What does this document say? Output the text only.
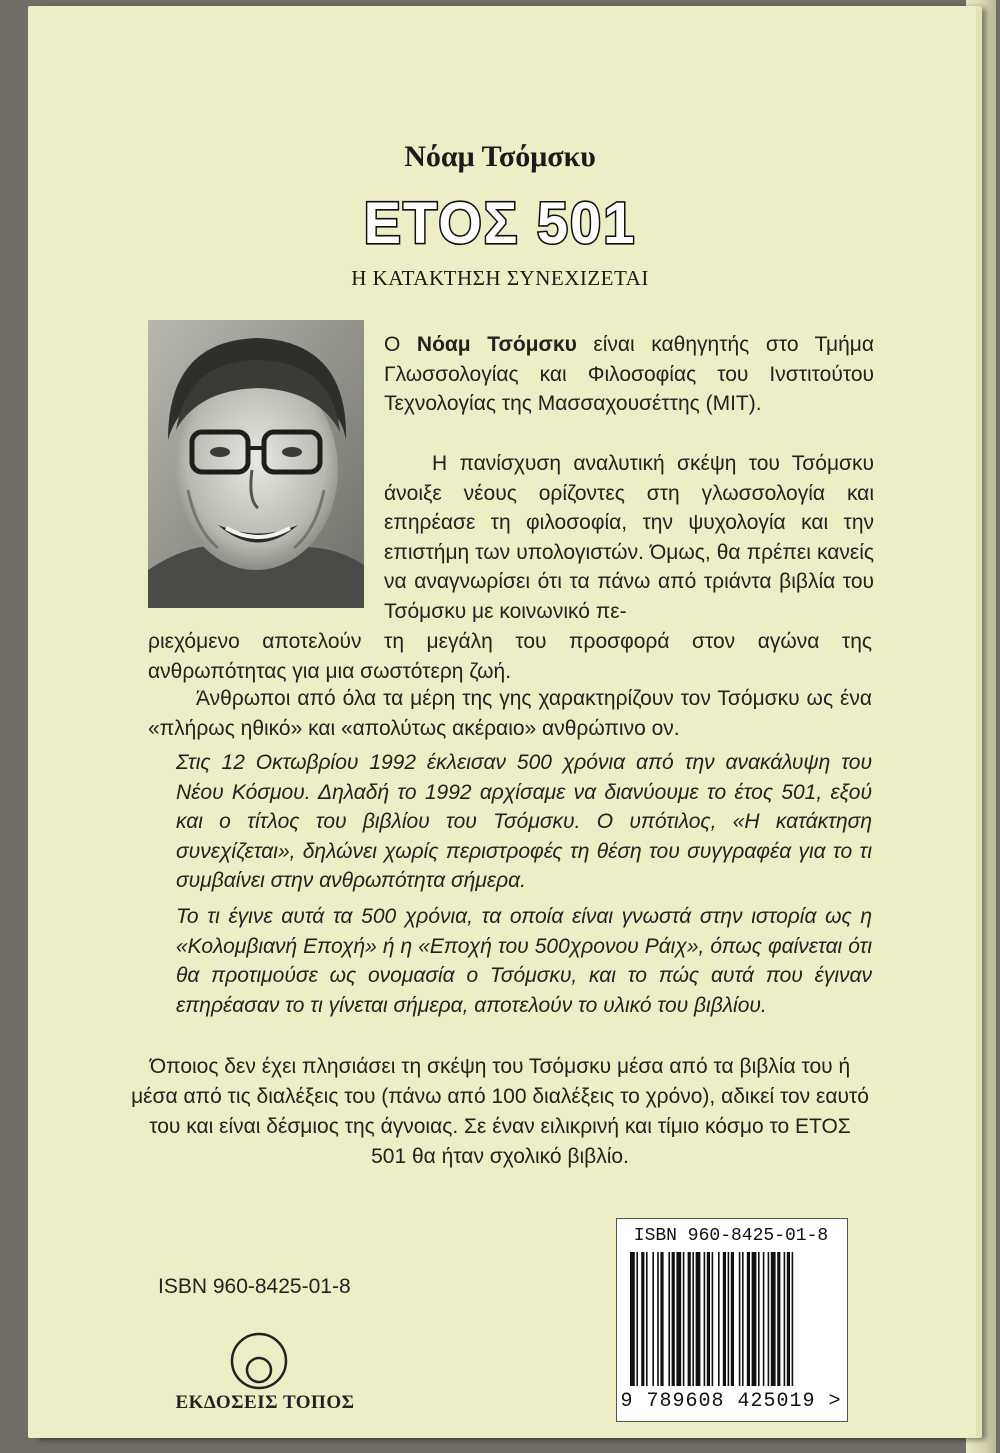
Νόαμ Τσόμσκυ
ΕΤΟΣ 501
Η ΚΑΤΑΚΤΗΣΗ ΣΥΝΕΧΙΖΕΤΑΙ
Ο Νόαμ Τσόμσκυ είναι καθηγητής στο Τμήμα Γλωσσολογίας και Φιλοσοφίας του Ινστιτούτου Τεχνολογίας της Μασσαχουσέττης (ΜΙΤ).
Η πανίσχυση αναλυτική σκέψη του Τσόμσκυ άνοιξε νέους ορίζοντες στη γλωσσολογία και επηρέασε τη φιλοσοφία, την ψυχολογία και την επιστήμη των υπολογιστών. Όμως, θα πρέπει κανείς να αναγνωρίσει ότι τα πάνω από τριάντα βιβλία του Τσόμσκυ με κοινωνικό πε-
ριεχόμενο αποτελούν τη μεγάλη του προσφορά στον αγώνα της ανθρωπότητας για μια σωστότερη ζωή.
Άνθρωποι από όλα τα μέρη της γης χαρακτηρίζουν τον Τσόμσκυ ως ένα «πλήρως ηθικό» και «απολύτως ακέραιο» ανθρώπινο ον.
Στις 12 Οκτωβρίου 1992 έκλεισαν 500 χρόνια από την ανακάλυψη του Νέου Κόσμου. Δηλαδή το 1992 αρχίσαμε να διανύουμε το έτος 501, εξού και ο τίτλος του βιβλίου του Τσόμσκυ. Ο υπότιλος, «Η κατάκτηση συνεχίζεται», δηλώνει χωρίς περιστροφές τη θέση του συγγραφέα για το τι συμβαίνει στην ανθρωπότητα σήμερα.
Το τι έγινε αυτά τα 500 χρόνια, τα οποία είναι γνωστά στην ιστορία ως η «Κολομβιανή Εποχή» ή η «Εποχή του 500χρονου Ράιχ», όπως φαίνεται ότι θα προτιμούσε ως ονομασία ο Τσόμσκυ, και το πώς αυτά που έγιναν επηρέασαν το τι γίνεται σήμερα, αποτελούν το υλικό του βιβλίου.
Όποιος δεν έχει πλησιάσει τη σκέψη του Τσόμσκυ μέσα από τα βιβλία του ή μέσα από τις διαλέξεις του (πάνω από 100 διαλέξεις το χρόνο), αδικεί τον εαυτό του και είναι δέσμιος της άγνοιας. Σε έναν ειλικρινή και τίμιο κόσμο το ΕΤΟΣ 501 θα ήταν σχολικό βιβλίο.
ISBN 960-8425-01-8
ΕΚΔΟΣΕΙΣ ΤΟΠΟΣ
ISBN 960-8425-01-8
9 789608 425019 >
